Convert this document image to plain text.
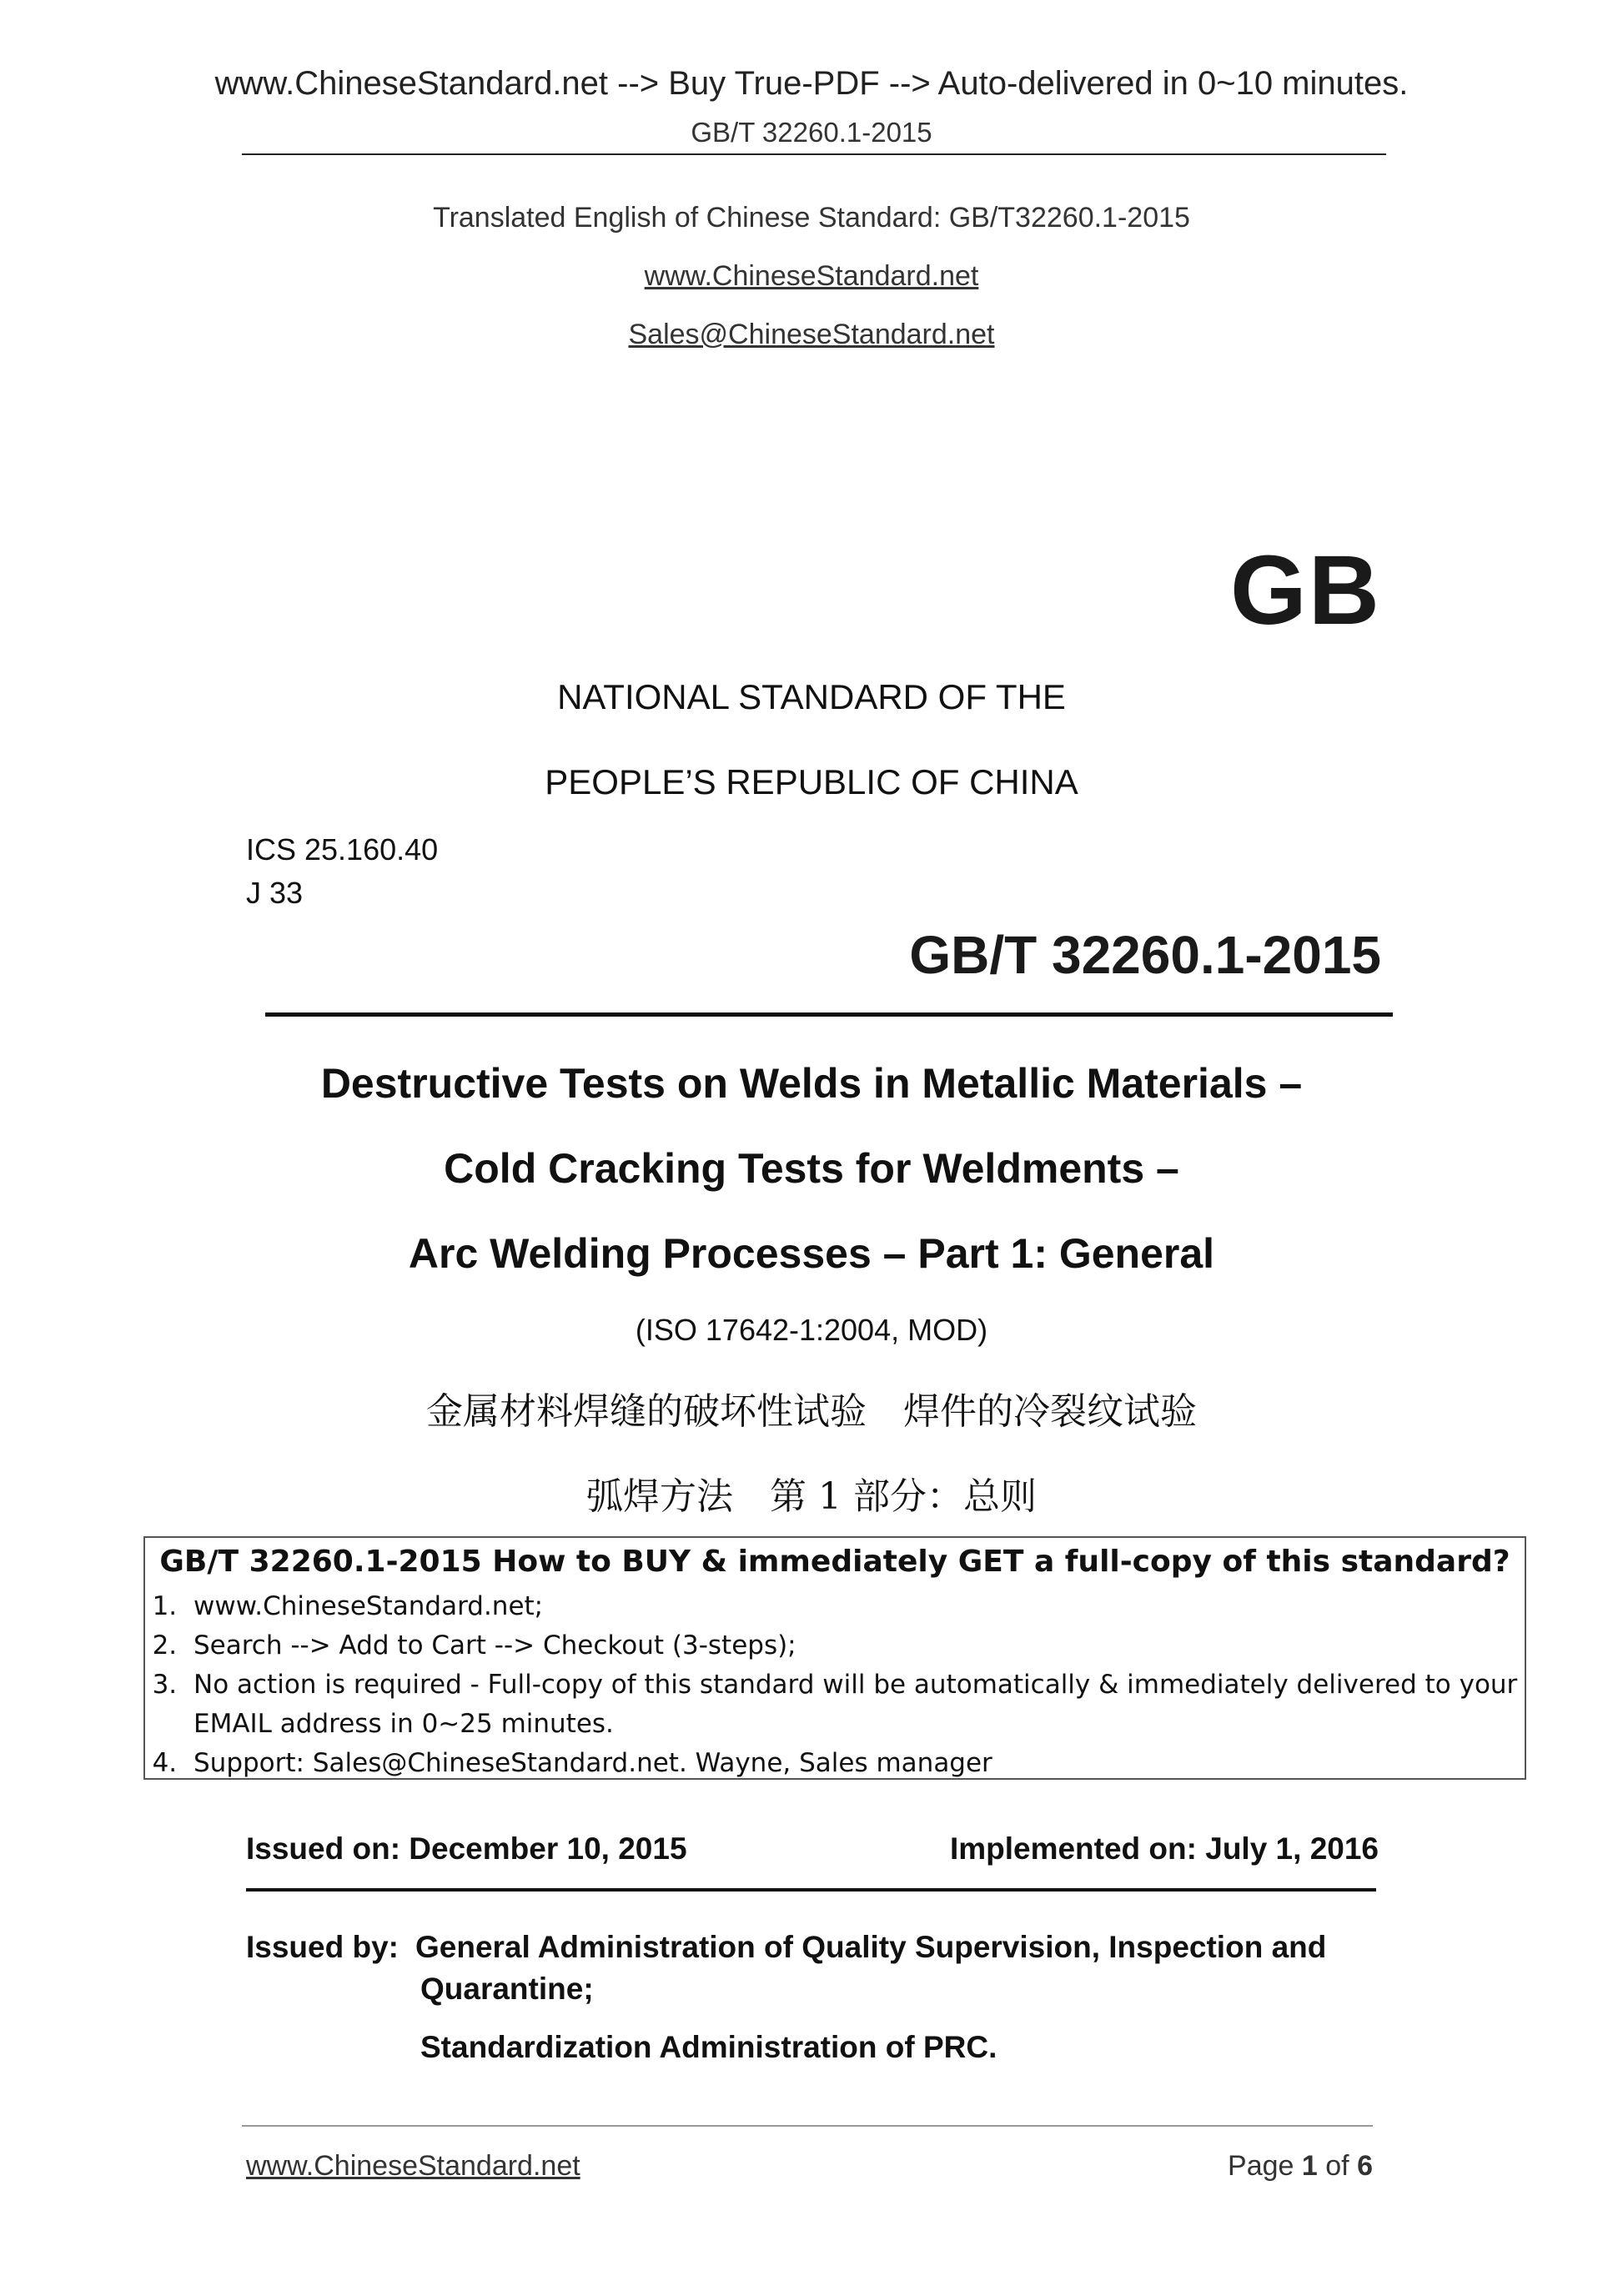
www.ChineseStandard.net --> Buy True-PDF --> Auto-delivered in 0~10 minutes.
GB/T 32260.1-2015
Translated English of Chinese Standard: GB/T32260.1-2015
www.ChineseStandard.net
Sales@ChineseStandard.net
GB
NATIONAL STANDARD OF THE
PEOPLE’S REPUBLIC OF CHINA
ICS 25.160.40
J 33
GB/T 32260.1-2015
Destructive Tests on Welds in Metallic Materials –
Cold Cracking Tests for Weldments –
Arc Welding Processes – Part 1: General
(ISO 17642-1:2004, MOD)
金属材料焊缝的破坏性试验　焊件的冷裂纹试验
弧焊方法　第 1 部分：总则
GB/T 32260.1-2015 How to BUY & immediately GET a full-copy of this standard?
1. www.ChineseStandard.net;
2. Search --> Add to Cart --> Checkout (3-steps);
3. No action is required - Full-copy of this standard will be automatically & immediately delivered to your EMAIL address in 0~25 minutes.
4. Support: Sales@ChineseStandard.net. Wayne, Sales manager
Issued on: December 10, 2015	Implemented on: July 1, 2016
Issued by: General Administration of Quality Supervision, Inspection and
Quarantine;
Standardization Administration of PRC.
www.ChineseStandard.net	Page 1 of 6
